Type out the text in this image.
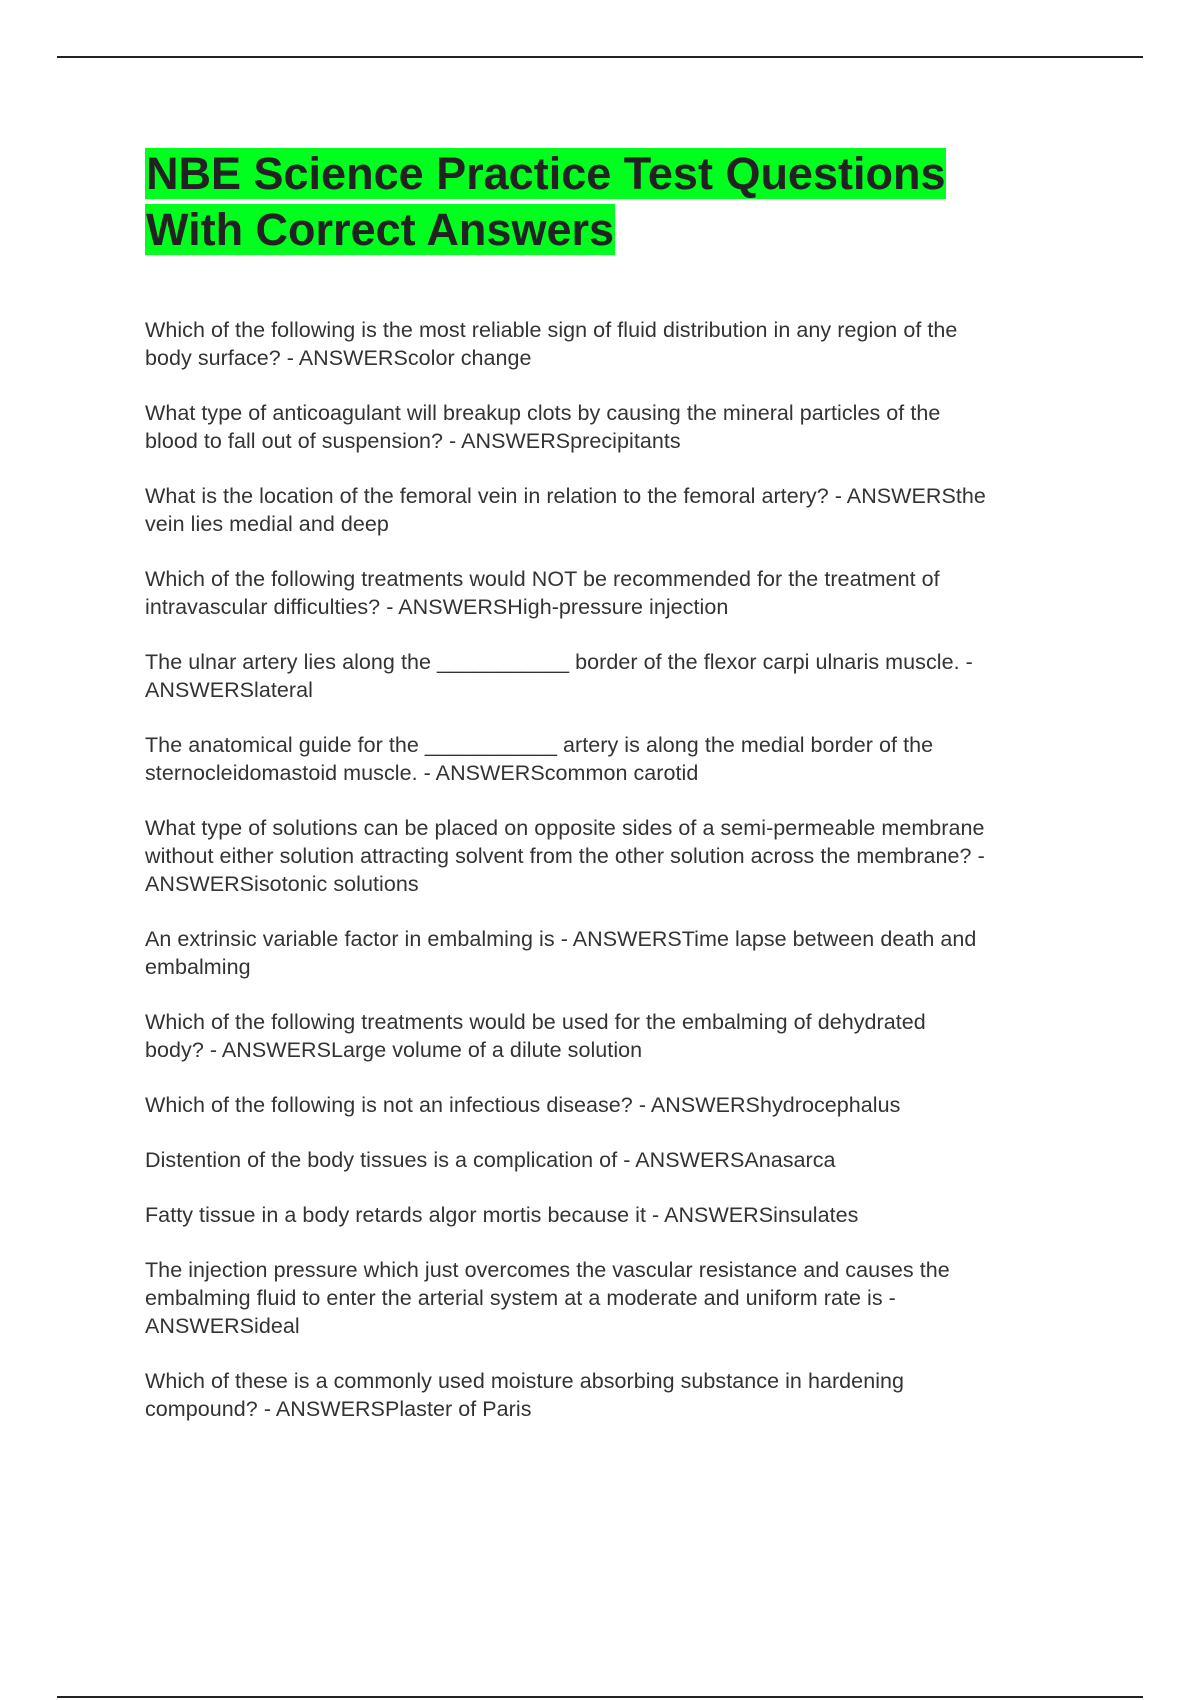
NBE Science Practice Test Questions
With Correct Answers
Which of the following is the most reliable sign of fluid distribution in any region of the
body surface? - ANSWERScolor change
What type of anticoagulant will breakup clots by causing the mineral particles of the
blood to fall out of suspension? - ANSWERSprecipitants
What is the location of the femoral vein in relation to the femoral artery? - ANSWERSthe
vein lies medial and deep
Which of the following treatments would NOT be recommended for the treatment of
intravascular difficulties? - ANSWERSHigh-pressure injection
The ulnar artery lies along the ___________ border of the flexor carpi ulnaris muscle. -
ANSWERSlateral
The anatomical guide for the ___________ artery is along the medial border of the
sternocleidomastoid muscle. - ANSWERScommon carotid
What type of solutions can be placed on opposite sides of a semi-permeable membrane
without either solution attracting solvent from the other solution across the membrane? -
ANSWERSisotonic solutions
An extrinsic variable factor in embalming is - ANSWERSTime lapse between death and
embalming
Which of the following treatments would be used for the embalming of dehydrated
body? - ANSWERSLarge volume of a dilute solution
Which of the following is not an infectious disease? - ANSWERShydrocephalus
Distention of the body tissues is a complication of - ANSWERSAnasarca
Fatty tissue in a body retards algor mortis because it - ANSWERSinsulates
The injection pressure which just overcomes the vascular resistance and causes the
embalming fluid to enter the arterial system at a moderate and uniform rate is -
ANSWERSideal
Which of these is a commonly used moisture absorbing substance in hardening
compound? - ANSWERSPlaster of Paris
